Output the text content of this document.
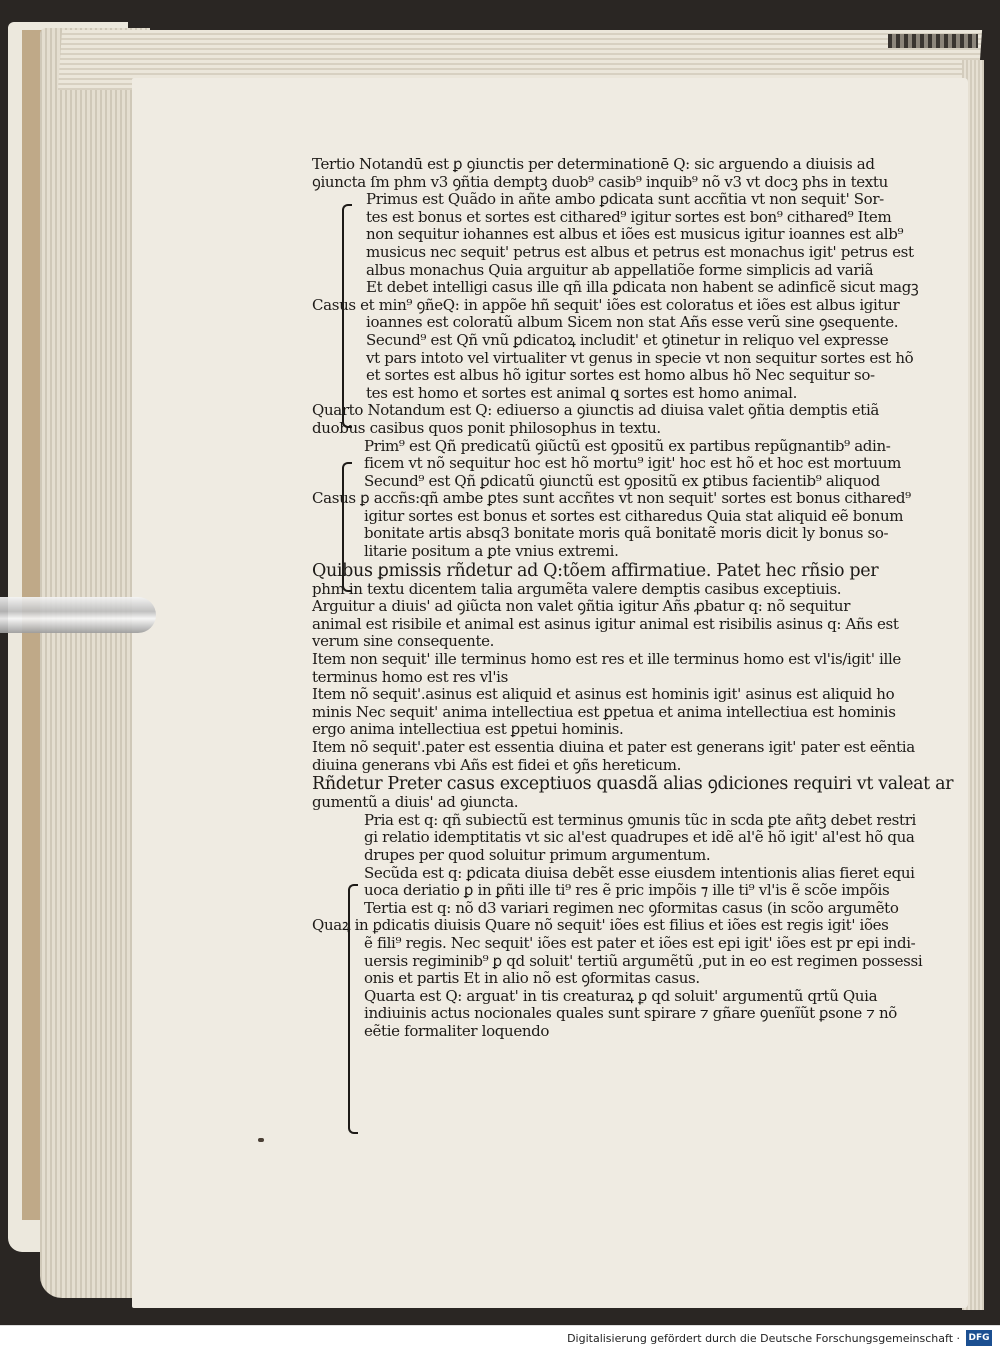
Tertio Notandū est ꝑ ꝯiunctis per determinationē Q: sic arguendo a diuisis ad
ꝯiuncta ſm phm v3 ꝯñtia demptꝫ duob⁹ casib⁹ inquib⁹ nõ v3 vt docꝫ phs in textu
Primus est Quãdo in añte ambo ꝑdicata sunt accñtia vt non sequit' Sor-
tes est bonus et sortes est cithared⁹ igitur sortes est bon⁹ cithared⁹ Item
non sequitur iohannes est albus et iões est musicus igitur ioannes est alb⁹
musicus nec sequit' petrus est albus et petrus est monachus igit' petrus est
albus monachus Quia arguitur ab appellatiõe forme simplicis ad variã
Et debet intelligi casus ille qñ illa ꝑdicata non habent se adinficẽ sicut magꝫ
Casus et min⁹ ꝯñeQ: in appõe hñ sequit' iões est coloratus et iões est albus igitur
ioannes est coloratũ album Sicem non stat Añs esse verũ sine ꝯsequente.
Secund⁹ est Qñ vnũ ꝑdicatoꝝ includit' et ꝯtinetur in reliquo vel expresse
vt pars intoto vel virtualiter vt genus in specie vt non sequitur sortes est hõ
et sortes est albus hõ igitur sortes est homo albus hõ Nec sequitur so-
tes est homo et sortes est animal ꝗ sortes est homo animal.
Quarto Notandum est Q: ediuerso a ꝯiunctis ad diuisa valet ꝯñtia demptis etiã
duobus casibus quos ponit philosophus in textu.
Prim⁹ est Qñ predicatũ ꝯiũctũ est ꝯpositũ ex partibus repũgnantib⁹ adin-
ficem vt nõ sequitur hoc est hõ mortu⁹ igit' hoc est hõ et hoc est mortuum
Secund⁹ est Qñ ꝑdicatũ ꝯiunctũ est ꝯpositũ ex ꝑtibus facientib⁹ aliquod
Casus ꝑ accñs:qñ ambe ꝑtes sunt accñtes vt non sequit' sortes est bonus cithared⁹
igitur sortes est bonus et sortes est citharedus Quia stat aliquid eẽ bonum
bonitate artis absq3 bonitate moris quã bonitatẽ moris dicit ly bonus so-
litarie positum a ꝑte vnius extremi.
Quibus ꝑmissis rñdetur ad Q:tõem affirmatiue. Patet hec rñsio per
phm in textu dicentem talia argumẽta valere demptis casibus exceptiuis.
Arguitur a diuis' ad ꝯiũcta non valet ꝯñtia igitur Añs ꝓbatur q: nõ sequitur
animal est risibile et animal est asinus igitur animal est risibilis asinus q: Añs est
verum sine consequente.
Item non sequit' ille terminus homo est res et ille terminus homo est vl'is/igit' ille
terminus homo est res vl'is
Item nõ sequit'.asinus est aliquid et asinus est hominis igit' asinus est aliquid ho
minis Nec sequit' anima intellectiua est ꝑpetua et anima intellectiua est hominis
ergo anima intellectiua est ꝑpetui hominis.
Item nõ sequit'.pater est essentia diuina et pater est generans igit' pater est eẽntia
diuina generans vbi Añs est fidei et ꝯñs hereticum.
Rñdetur Preter casus exceptiuos quasdã alias ꝯdiciones requiri vt valeat ar
gumentũ a diuis' ad ꝯiuncta.
Pria est q: qñ subiectũ est terminus ꝯmunis tũc in scda ꝑte añtꝫ debet restri
gi relatio idemptitatis vt sic al'est quadrupes et idẽ al'ẽ hõ igit' al'est hõ qua
drupes per quod soluitur primum argumentum.
Secũda est q: ꝑdicata diuisa debẽt esse eiusdem intentionis alias fieret equi
uoca deriatio ꝑ in ꝑñti ille ti⁹ res ẽ pric impõis ⁊ ille ti⁹ vl'is ẽ scõe impõis
Tertia est q: nõ d3 variari regimen nec ꝯformitas casus (in scõo argumẽto
Quaꝝ in ꝑdicatis diuisis Quare nõ sequit' iões est filius et iões est regis igit' iões
ẽ fili⁹ regis. Nec sequit' iões est pater et iões est epi igit' iões est pr epi indi-
uersis regiminib⁹ ꝑ qd soluit' tertiũ argumẽtũ ,put in eo est regimen possessi
onis et partis Et in alio nõ est ꝯformitas casus.
Quarta est Q: arguat' in tis creaturaꝝ ꝑ qd soluit' argumentũ qrtũ Quia
indiuinis actus nocionales quales sunt spirare ⁊ gñare ꝯuenĩũt ꝑsone ⁊ nõ
eẽtie formaliter loquendo
Digitalisierung gefördert durch die Deutsche Forschungsgemeinschaft · DFG
